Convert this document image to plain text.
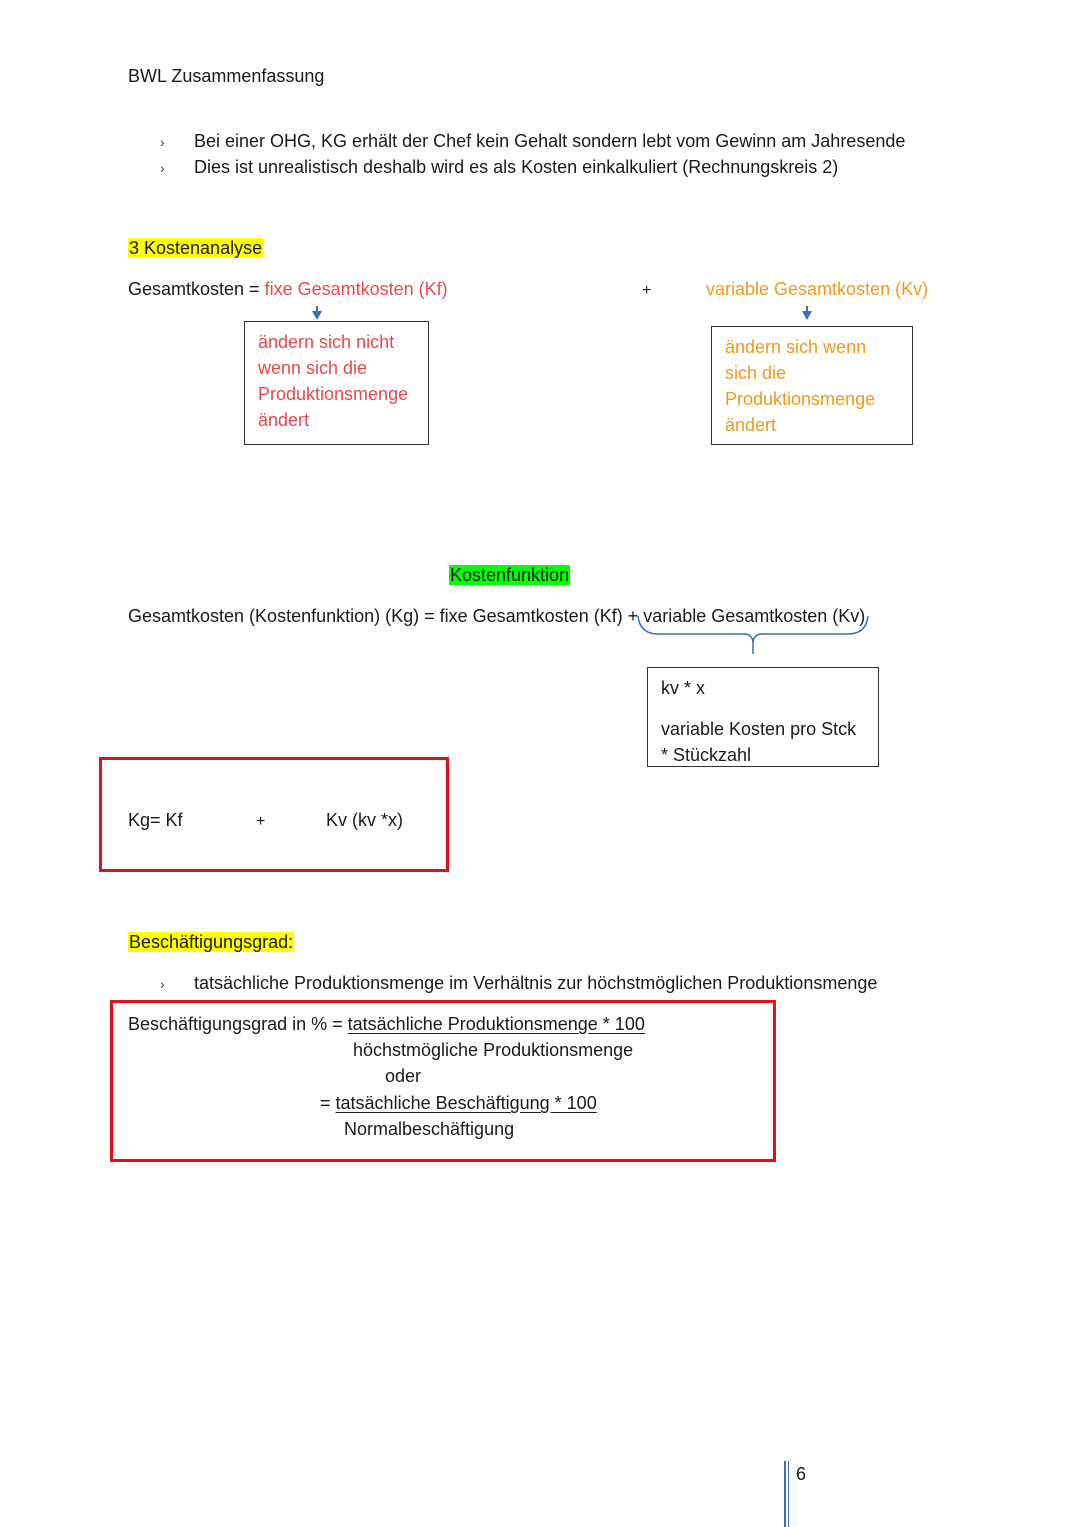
BWL Zusammenfassung
› Bei einer OHG, KG erhält der Chef kein Gehalt sondern lebt vom Gewinn am Jahresende
› Dies ist unrealistisch deshalb wird es als Kosten einkalkuliert (Rechnungskreis 2)
3 Kostenanalyse
Gesamtkosten = fixe Gesamtkosten (Kf)	+	variable Gesamtkosten (Kv)
ändern sich nicht
wenn sich die
Produktionsmenge
ändert
ändern sich wenn
sich die
Produktionsmenge
ändert
Kostenfunktion
Gesamtkosten (Kostenfunktion) (Kg) = fixe Gesamtkosten (Kf) + variable Gesamtkosten (Kv)
kv * x
variable Kosten pro Stck
* Stückzahl
Kg= Kf	+	Kv (kv *x)
Beschäftigungsgrad:
› tatsächliche Produktionsmenge im Verhältnis zur höchstmöglichen Produktionsmenge
Beschäftigungsgrad in % = tatsächliche Produktionsmenge * 100
höchstmögliche Produktionsmenge
oder
= tatsächliche Beschäftigung * 100
Normalbeschäftigung
6
